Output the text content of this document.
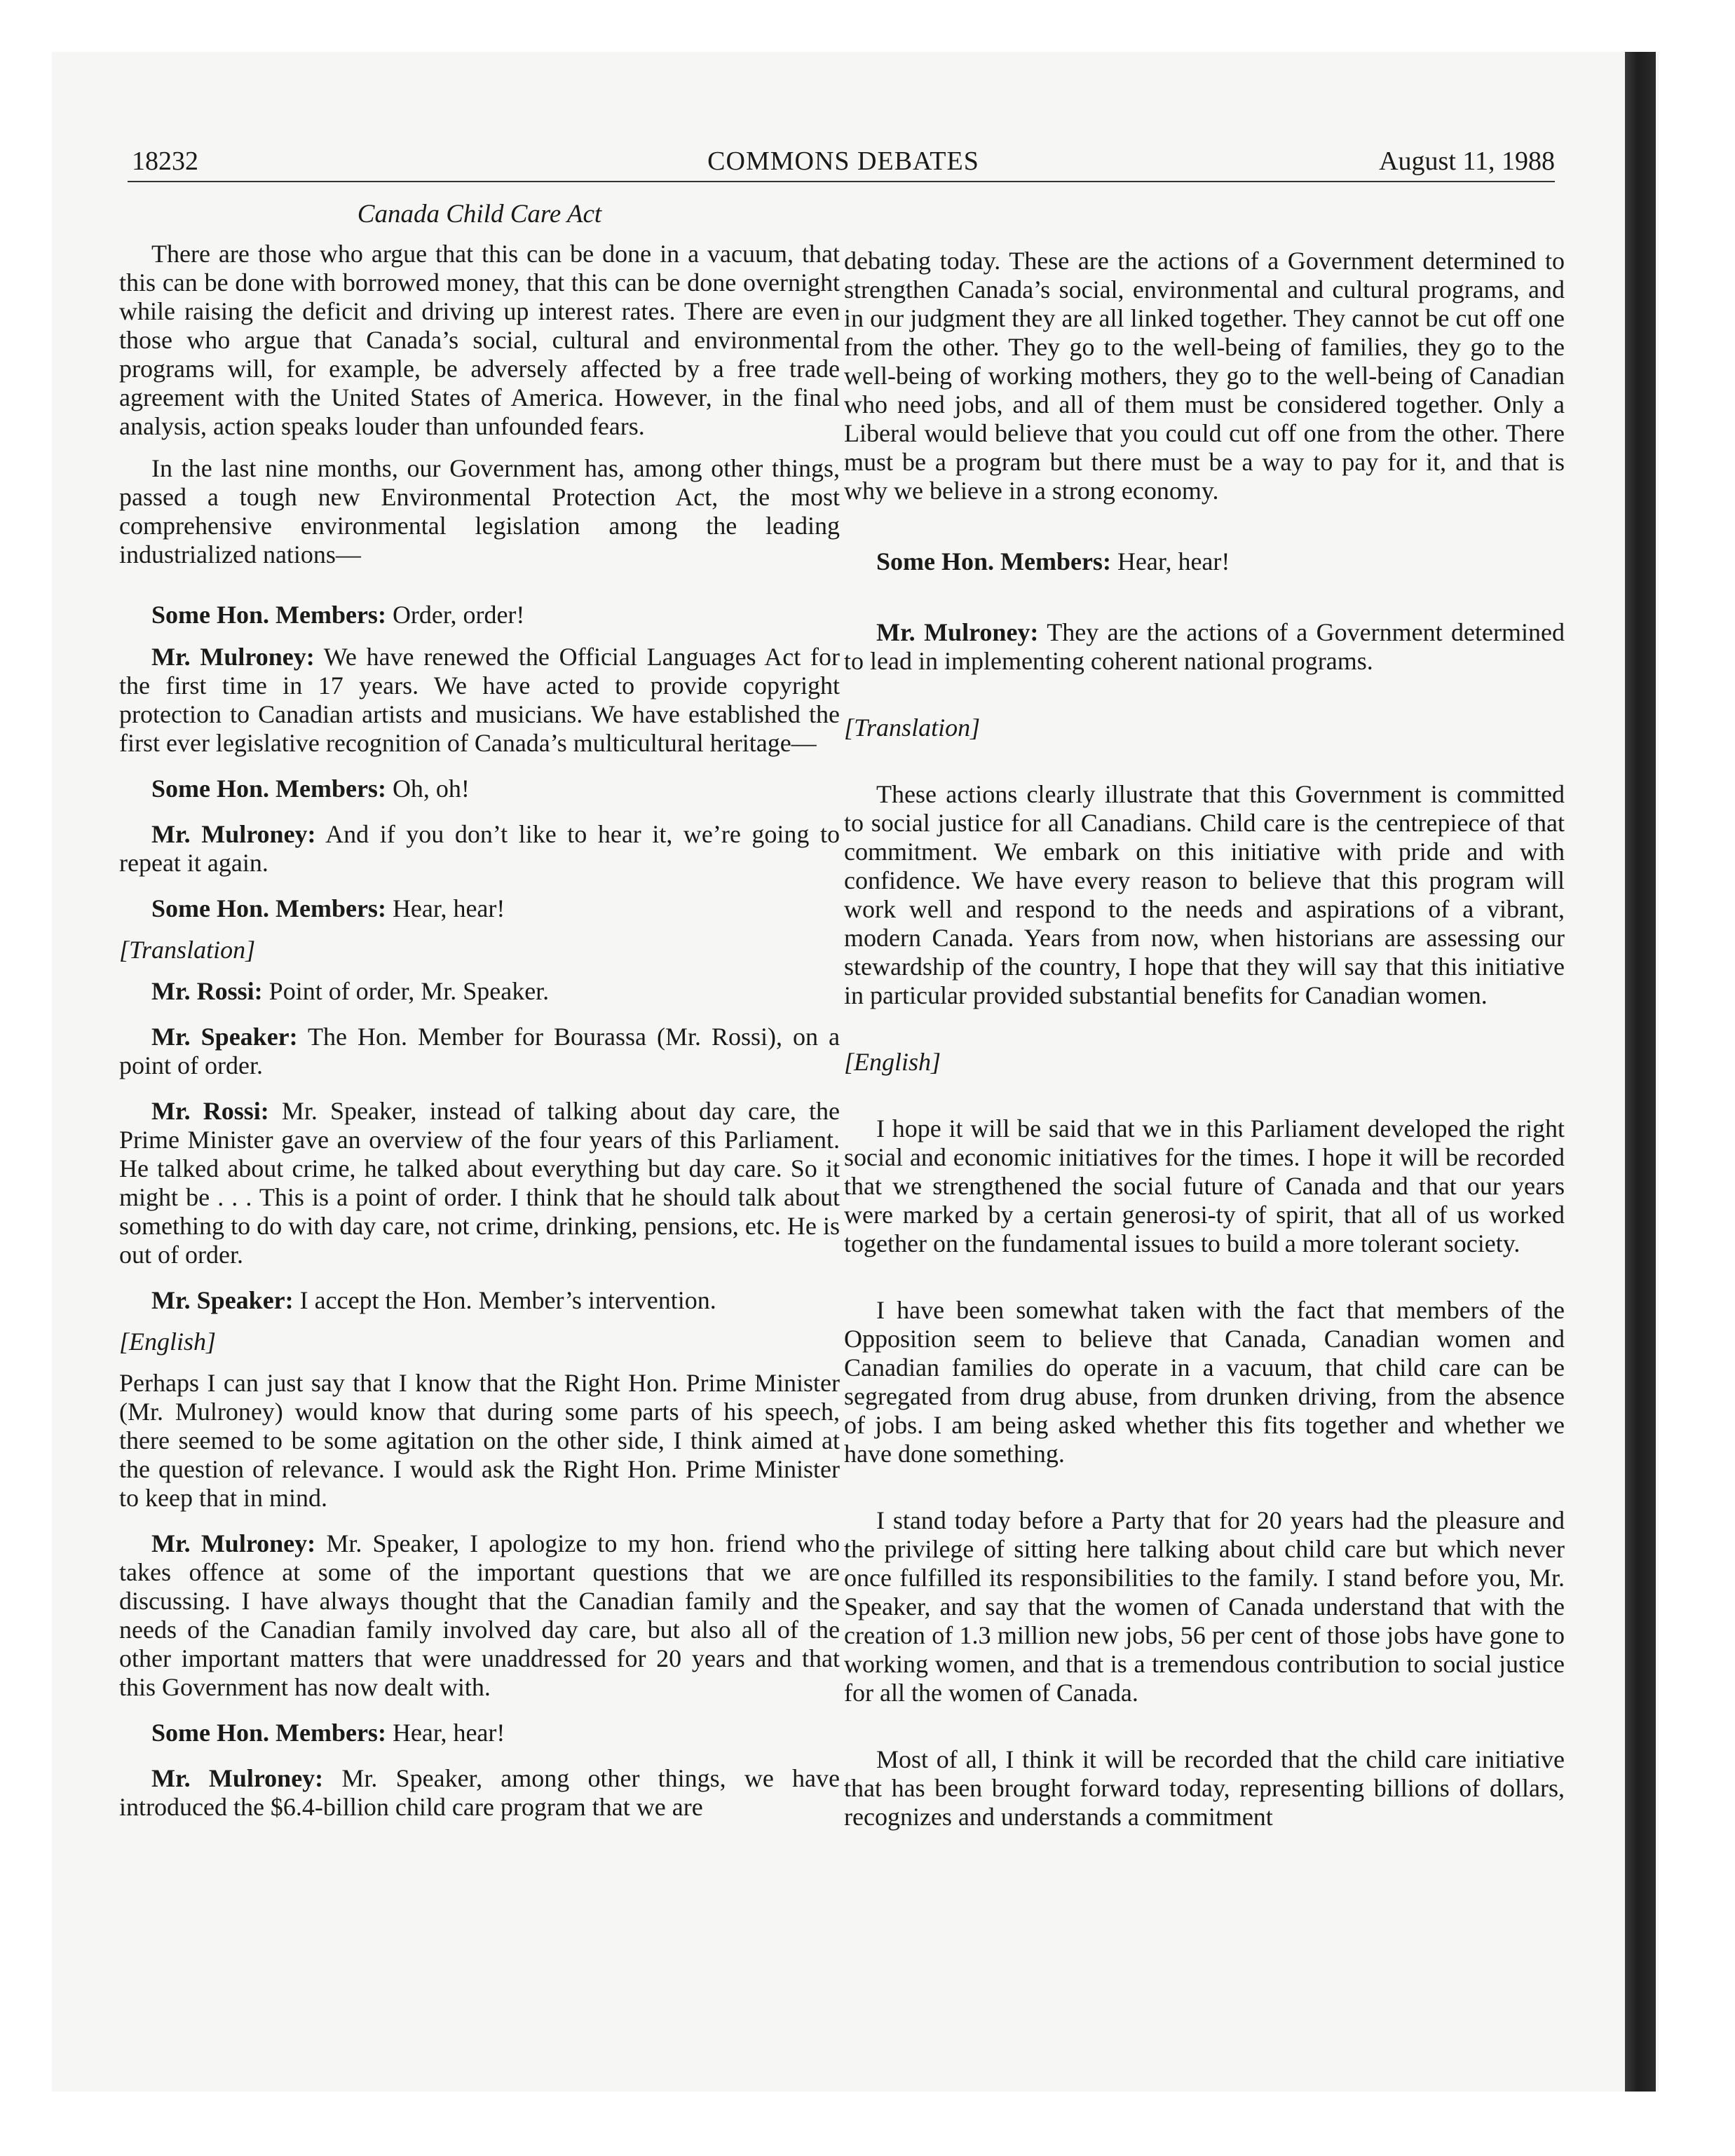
18232	COMMONS DEBATES	August 11, 1988
Canada Child Care Act

There are those who argue that this can be done in a vacuum, that this can be done with borrowed money, that this can be done overnight while raising the deficit and driving up interest rates. There are even those who argue that Canada’s social, cultural and environmental programs will, for example, be adversely affected by a free trade agreement with the United States of America. However, in the final analysis, action speaks louder than unfounded fears.

In the last nine months, our Government has, among other things, passed a tough new Environmental Protection Act, the most comprehensive environmental legislation among the leading industrialized nations—

Some Hon. Members: Order, order!

Mr. Mulroney: We have renewed the Official Languages Act for the first time in 17 years. We have acted to provide copyright protection to Canadian artists and musicians. We have established the first ever legislative recognition of Canada’s multicultural heritage—

Some Hon. Members: Oh, oh!

Mr. Mulroney: And if you don’t like to hear it, we’re going to repeat it again.

Some Hon. Members: Hear, hear!

[Translation]

Mr. Rossi: Point of order, Mr. Speaker.

Mr. Speaker: The Hon. Member for Bourassa (Mr. Rossi), on a point of order.

Mr. Rossi: Mr. Speaker, instead of talking about day care, the Prime Minister gave an overview of the four years of this Parliament. He talked about crime, he talked about everything but day care. So it might be . . . This is a point of order. I think that he should talk about something to do with day care, not crime, drinking, pensions, etc. He is out of order.

Mr. Speaker: I accept the Hon. Member’s intervention.

[English]

Perhaps I can just say that I know that the Right Hon. Prime Minister (Mr. Mulroney) would know that during some parts of his speech, there seemed to be some agitation on the other side, I think aimed at the question of relevance. I would ask the Right Hon. Prime Minister to keep that in mind.

Mr. Mulroney: Mr. Speaker, I apologize to my hon. friend who takes offence at some of the important questions that we are discussing. I have always thought that the Canadian family and the needs of the Canadian family involved day care, but also all of the other important matters that were unaddressed for 20 years and that this Government has now dealt with.

Some Hon. Members: Hear, hear!

Mr. Mulroney: Mr. Speaker, among other things, we have introduced the $6.4-billion child care program that we are

debating today. These are the actions of a Government determined to strengthen Canada’s social, environmental and cultural programs, and in our judgment they are all linked together. They cannot be cut off one from the other. They go to the well-being of families, they go to the well-being of working mothers, they go to the well-being of Canadian who need jobs, and all of them must be considered together. Only a Liberal would believe that you could cut off one from the other. There must be a program but there must be a way to pay for it, and that is why we believe in a strong economy.

Some Hon. Members: Hear, hear!

Mr. Mulroney: They are the actions of a Government determined to lead in implementing coherent national programs.

[Translation]

These actions clearly illustrate that this Government is committed to social justice for all Canadians. Child care is the centrepiece of that commitment. We embark on this initiative with pride and with confidence. We have every reason to believe that this program will work well and respond to the needs and aspirations of a vibrant, modern Canada. Years from now, when historians are assessing our stewardship of the country, I hope that they will say that this initiative in particular provided substantial benefits for Canadian women.

[English]

I hope it will be said that we in this Parliament developed the right social and economic initiatives for the times. I hope it will be recorded that we strengthened the social future of Canada and that our years were marked by a certain generosi-ty of spirit, that all of us worked together on the fundamental issues to build a more tolerant society.

I have been somewhat taken with the fact that members of the Opposition seem to believe that Canada, Canadian women and Canadian families do operate in a vacuum, that child care can be segregated from drug abuse, from drunken driving, from the absence of jobs. I am being asked whether this fits together and whether we have done something.

I stand today before a Party that for 20 years had the pleasure and the privilege of sitting here talking about child care but which never once fulfilled its responsibilities to the family. I stand before you, Mr. Speaker, and say that the women of Canada understand that with the creation of 1.3 million new jobs, 56 per cent of those jobs have gone to working women, and that is a tremendous contribution to social justice for all the women of Canada.

Most of all, I think it will be recorded that the child care initiative that has been brought forward today, representing billions of dollars, recognizes and understands a commitment
